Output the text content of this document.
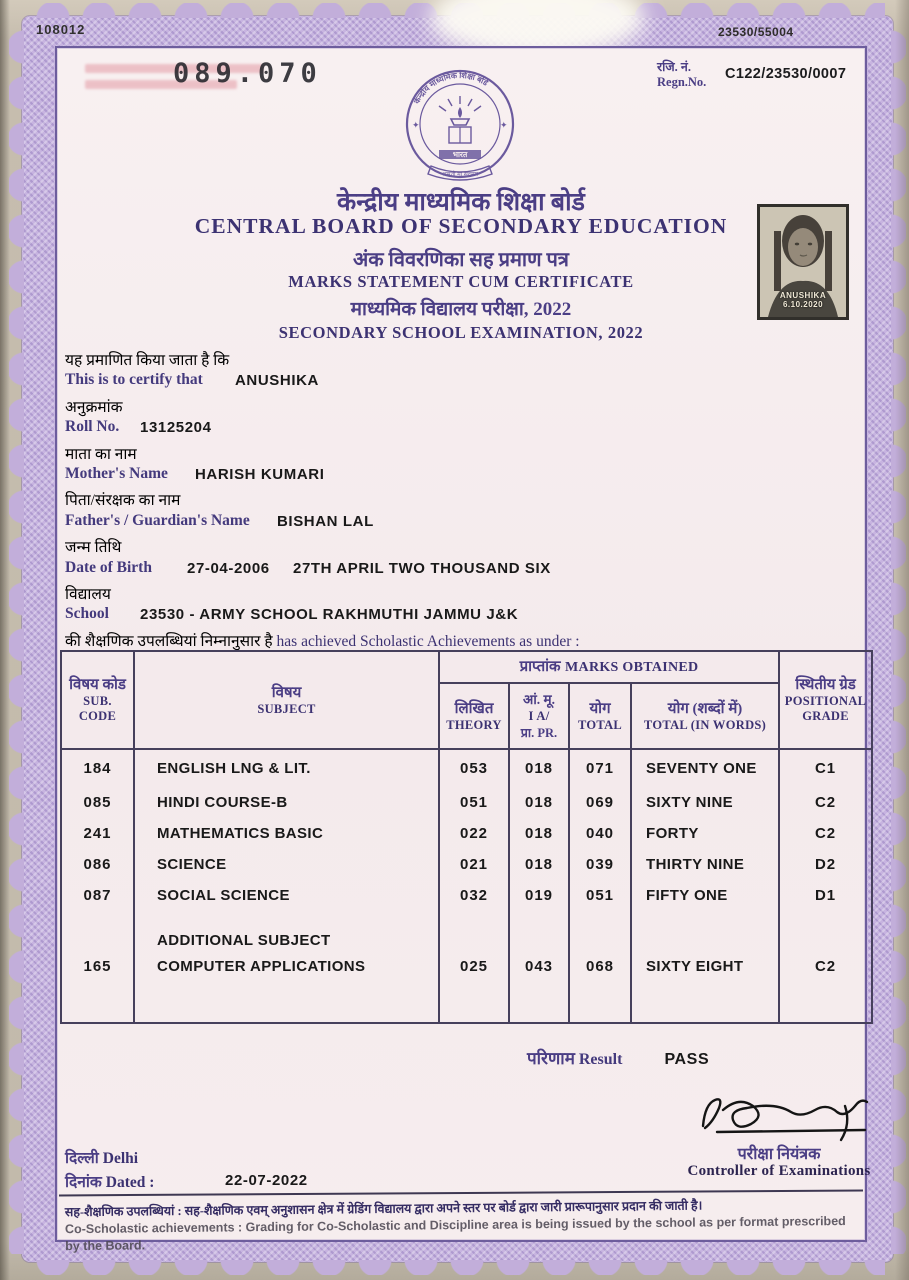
108012	23530/55004
089.070	रजि. नं.
Regn.No. C122/23530/0007
केन्द्रीय माध्यमिक शिक्षा बोर्ड
✦	✦
भारत
असतो मा सद्गमय
केन्द्रीय माध्यमिक शिक्षा बोर्ड
CENTRAL BOARD OF SECONDARY EDUCATION
अंक विवरणिका सह प्रमाण पत्र
MARKS STATEMENT CUM CERTIFICATE
माध्यमिक विद्यालय परीक्षा, 2022
SECONDARY SCHOOL EXAMINATION, 2022
ANUSHIKA
6.10.2020
यह प्रमाणित किया जाता है कि
This is to certify that ANUSHIKA
अनुक्रमांक
Roll No. 13125204
माता का नाम
Mother's Name HARISH KUMARI
पिता/संरक्षक का नाम
Father's / Guardian's Name BISHAN LAL
जन्म तिथि
Date of Birth 27-04-2006 27TH APRIL TWO THOUSAND SIX
विद्यालय
School 23530 - ARMY SCHOOL RAKHMUTHI JAMMU J&K
की शैक्षणिक उपलब्धियां निम्नानुसार है has achieved Scholastic Achievements as under :
विषय कोड
SUB.
CODE	विषय
SUBJECT	प्राप्तांक MARKS OBTAINED				स्थितीय ग्रेड
POSITIONAL
GRADE

		लिखित
THEORY	आं. मू.
I A/
प्रा. PR.	योग
TOTAL	योग (शब्दों में)
TOTAL (IN WORDS)	

184	ENGLISH LNG & LIT.	053	018	071	SEVENTY ONE	C1
085	HINDI COURSE-B	051	018	069	SIXTY NINE	C2
241	MATHEMATICS BASIC	022	018	040	FORTY	C2
086	SCIENCE	021	018	039	THIRTY NINE	D2
087	SOCIAL SCIENCE	032	019	051	FIFTY ONE	D1
	ADDITIONAL SUBJECT					
165	COMPUTER APPLICATIONS	025	043	068	SIXTY EIGHT	C2

परिणाम Result	PASS
परीक्षा नियंत्रक
Controller of Examinations
दिल्ली Delhi
दिनांक Dated :	22-07-2022
सह-शैक्षणिक उपलब्धियां : सह-शैक्षणिक एवम् अनुशासन क्षेत्र में ग्रेडिंग विद्यालय द्वारा अपने स्तर पर बोर्ड द्वारा जारी प्रारूपानुसार प्रदान की जाती है।
Co-Scholastic achievements : Grading for Co-Scholastic and Discipline area is being issued by the school as per format prescribed by the Board.
